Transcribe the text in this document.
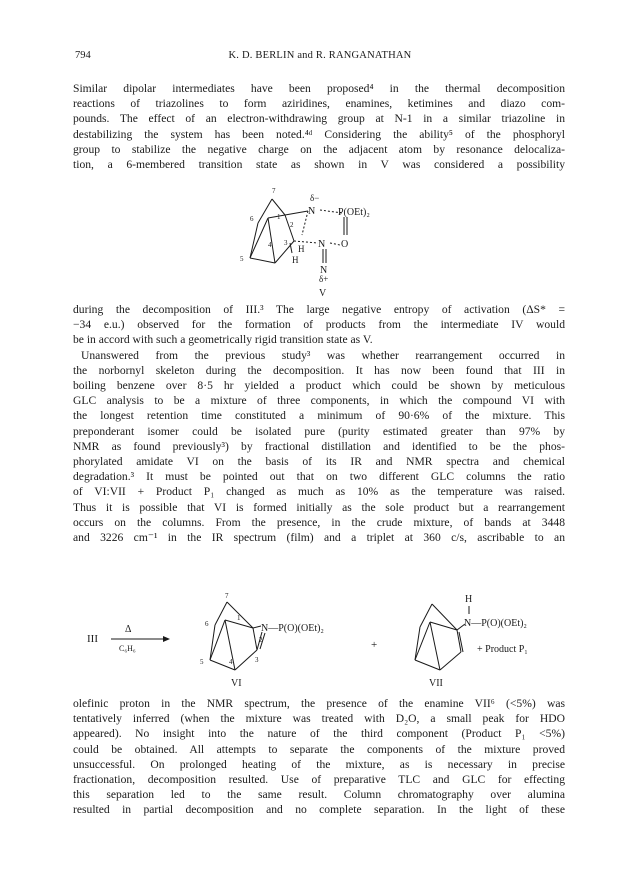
794	K. D. BERLIN and R. RANGANATHAN
Similar dipolar intermediates have been proposed⁴ in the thermal decomposition
reactions of triazolines to form aziridines, enamines, ketimines and diazo com-
pounds. The effect of an electron-withdrawing group at N-1 in a similar triazoline in
destabilizing the system has been noted.⁴ᵈ Considering the ability⁵ of the phosphoryl
group to stabilize the negative charge on the adjacent atom by resonance delocaliza-
tion, a 6-membered transition state as shown in V was considered a possibility
7
1
2
3
4
5
6
δ−
N P(OEt)₂
N O
H
H
N
δ+
V
during the decomposition of III.³ The large negative entropy of activation (ΔS* =
−34 e.u.) observed for the formation of products from the intermediate IV would
be in accord with such a geometrically rigid transition state as V.
Unanswered from the previous study³ was whether rearrangement occurred in
the norbornyl skeleton during the decomposition. It has now been found that III in
boiling benzene over 8·5 hr yielded a product which could be shown by meticulous
GLC analysis to be a mixture of three components, in which the compound VI with
the longest retention time constituted a minimum of 90·6% of the mixture. This
preponderant isomer could be isolated pure (purity estimated greater than 97% by
NMR as found previously³) by fractional distillation and identified to be the phos-
phorylated amidate VI on the basis of its IR and NMR spectra and chemical
degradation.³ It must be pointed out that on two different GLC columns the ratio
of VI:VII + Product P₁ changed as much as 10% as the temperature was raised.
Thus it is possible that VI is formed initially as the sole product but a rearrangement
occurs on the columns. From the presence, in the crude mixture, of bands at 3448
and 3226 cm⁻¹ in the IR spectrum (film) and a triplet at 360 c/s, ascribable to an
III
Δ
C₆H₆
7
1
2
3
4
5
6	N—P(O)(OEt)₂
VI
+
H
N—P(O)(OEt)₂
+ Product P₁
VII
olefinic proton in the NMR spectrum, the presence of the enamine VII⁶ (<5%) was
tentatively inferred (when the mixture was treated with D₂O, a small peak for HDO
appeared). No insight into the nature of the third component (Product P₁ <5%)
could be obtained. All attempts to separate the components of the mixture proved
unsuccessful. On prolonged heating of the mixture, as is necessary in precise
fractionation, decomposition resulted. Use of preparative TLC and GLC for effecting
this separation led to the same result. Column chromatography over alumina
resulted in partial decomposition and no complete separation. In the light of these
